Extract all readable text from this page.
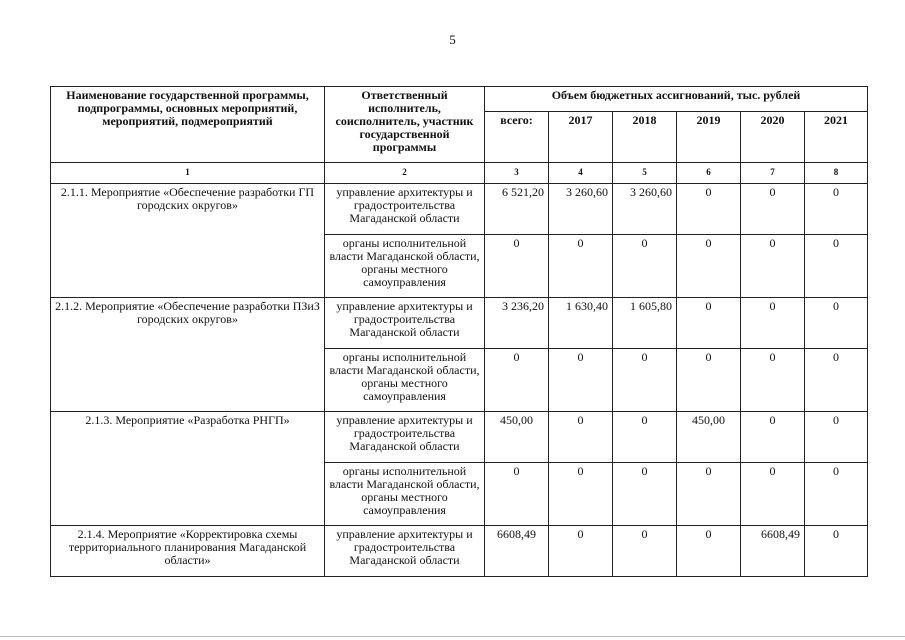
5
Наименование государственной программы, подпрограммы, основных мероприятий, мероприятий, подмероприятий	Ответственный исполнитель, соисполнитель, участник государственной программы	Объем бюджетных ассигнований, тыс. рублей					
		всего:	2017	2018	2019	2020	2021
1	2	3	4	5	6	7	8
2.1.1. Мероприятие «Обеспечение разработки ГП городских округов»	управление архитектуры и градостроительства Магаданской области	6 521,20	3 260,60	3 260,60	0	0	0
	органы исполнительной власти Магаданской области, органы местного самоуправления	0	0	0	0	0	0
2.1.2. Мероприятие «Обеспечение разработки ПЗиЗ городских округов»	управление архитектуры и градостроительства Магаданской области	3 236,20	1 630,40	1 605,80	0	0	0
	органы исполнительной власти Магаданской области, органы местного самоуправления	0	0	0	0	0	0
2.1.3. Мероприятие «Разработка РНГП»	управление архитектуры и градостроительства Магаданской области	450,00	0	0	450,00	0	0
	органы исполнительной власти Магаданской области, органы местного самоуправления	0	0	0	0	0	0
2.1.4. Мероприятие «Корректировка схемы территориального планирования Магаданской области»	управление архитектуры и градостроительства Магаданской области	6608,49	0	0	0	6608,49	0
